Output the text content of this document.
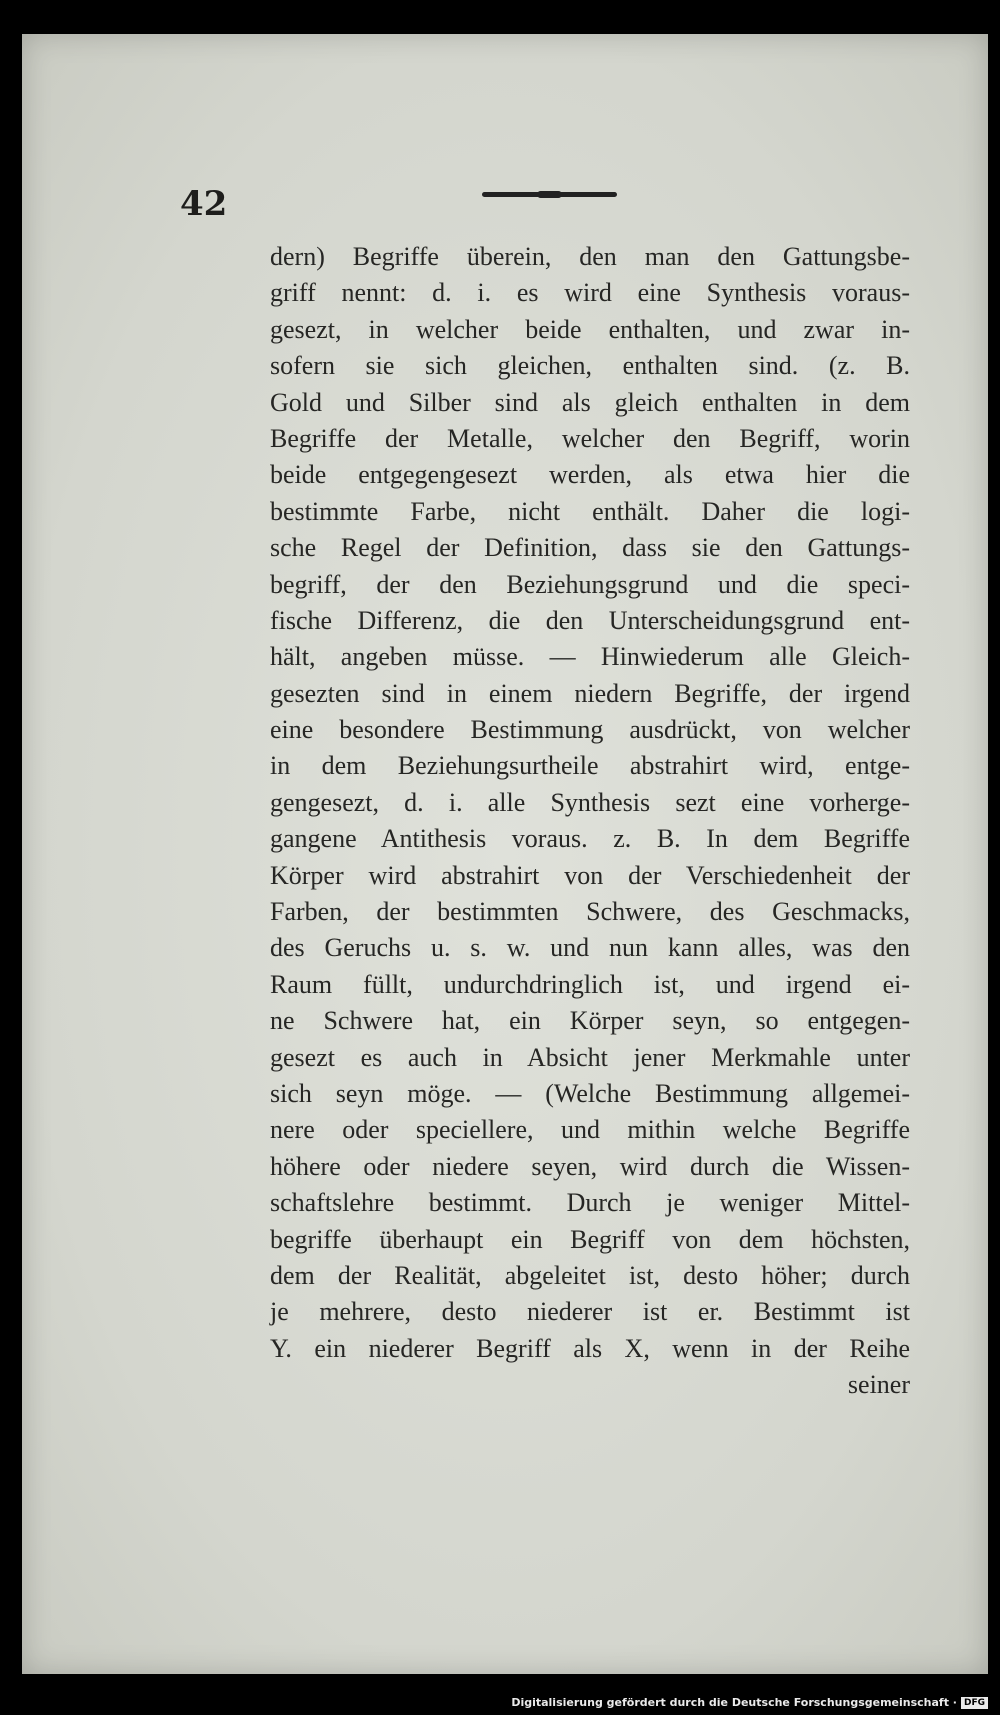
42
dern) Begriffe überein, den man den Gattungsbe-
griff nennt: d. i. es wird eine Synthesis voraus-
gesezt, in welcher beide enthalten, und zwar in-
sofern sie sich gleichen, enthalten sind. (z. B.
Gold und Silber sind als gleich enthalten in dem
Begriffe der Metalle, welcher den Begriff, worin
beide entgegengesezt werden, als etwa hier die
bestimmte Farbe, nicht enthält. Daher die logi-
sche Regel der Definition, dass sie den Gattungs-
begriff, der den Beziehungsgrund und die speci-
fische Differenz, die den Unterscheidungsgrund ent-
hält, angeben müsse. — Hinwiederum alle Gleich-
gesezten sind in einem niedern Begriffe, der irgend
eine besondere Bestimmung ausdrückt, von welcher
in dem Beziehungsurtheile abstrahirt wird, entge-
gengesezt, d. i. alle Synthesis sezt eine vorherge-
gangene Antithesis voraus. z. B. In dem Begriffe
Körper wird abstrahirt von der Verschiedenheit der
Farben, der bestimmten Schwere, des Geschmacks,
des Geruchs u. s. w. und nun kann alles, was den
Raum füllt, undurchdringlich ist, und irgend ei-
ne Schwere hat, ein Körper seyn, so entgegen-
gesezt es auch in Absicht jener Merkmahle unter
sich seyn möge. — (Welche Bestimmung allgemei-
nere oder speciellere, und mithin welche Begriffe
höhere oder niedere seyen, wird durch die Wissen-
schaftslehre bestimmt. Durch je weniger Mittel-
begriffe überhaupt ein Begriff von dem höchsten,
dem der Realität, abgeleitet ist, desto höher; durch
je mehrere, desto niederer ist er. Bestimmt ist
Y. ein niederer Begriff als X, wenn in der Reihe
seiner
Digitalisierung gefördert durch die Deutsche Forschungsgemeinschaft · DFG
